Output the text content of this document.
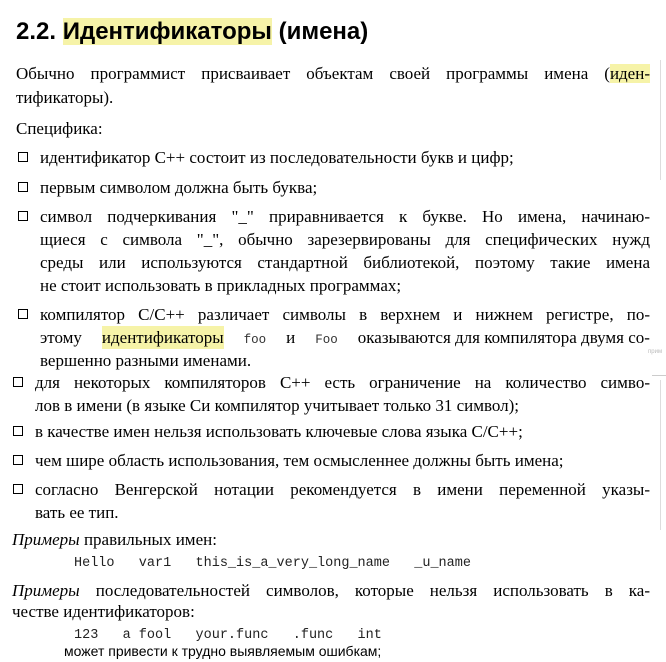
2.2. Идентификаторы (имена)
Обычно программист присваивает объектам своей программы имена (иден-
тификаторы).
Специфика:
идентификатор С++ состоит из последовательности букв и цифр;
первым символом должна быть буква;
символ подчеркивания "_" приравнивается к букве. Но имена, начинаю-
щиеся с символа "_", обычно зарезервированы для специфических нужд
среды или используются стандартной библиотекой, поэтому такие имена
не стоит использовать в прикладных программах;
компилятор С/С++ различает символы в верхнем и нижнем регистре, по-
этому идентификаторы foo и Foo оказываются для компилятора двумя со-
вершенно разными именами.	прим
для некоторых компиляторов С++ есть ограничение на количество симво-
лов в имени (в языке Си компилятор учитывает только 31 символ);
в качестве имен нельзя использовать ключевые слова языка С/С++;
чем шире область использования, тем осмысленнее должны быть имена;
согласно Венгерской нотации рекомендуется в имени переменной указы-
вать ее тип.
Примеры правильных имен:
Hello   var1   this_is_a_very_long_name   _u_name
Примеры последовательностей символов, которые нельзя использовать в ка-
честве идентификаторов:
123   a fool   your.func   .func   int
может привести к трудно выявляемым ошибкам;
